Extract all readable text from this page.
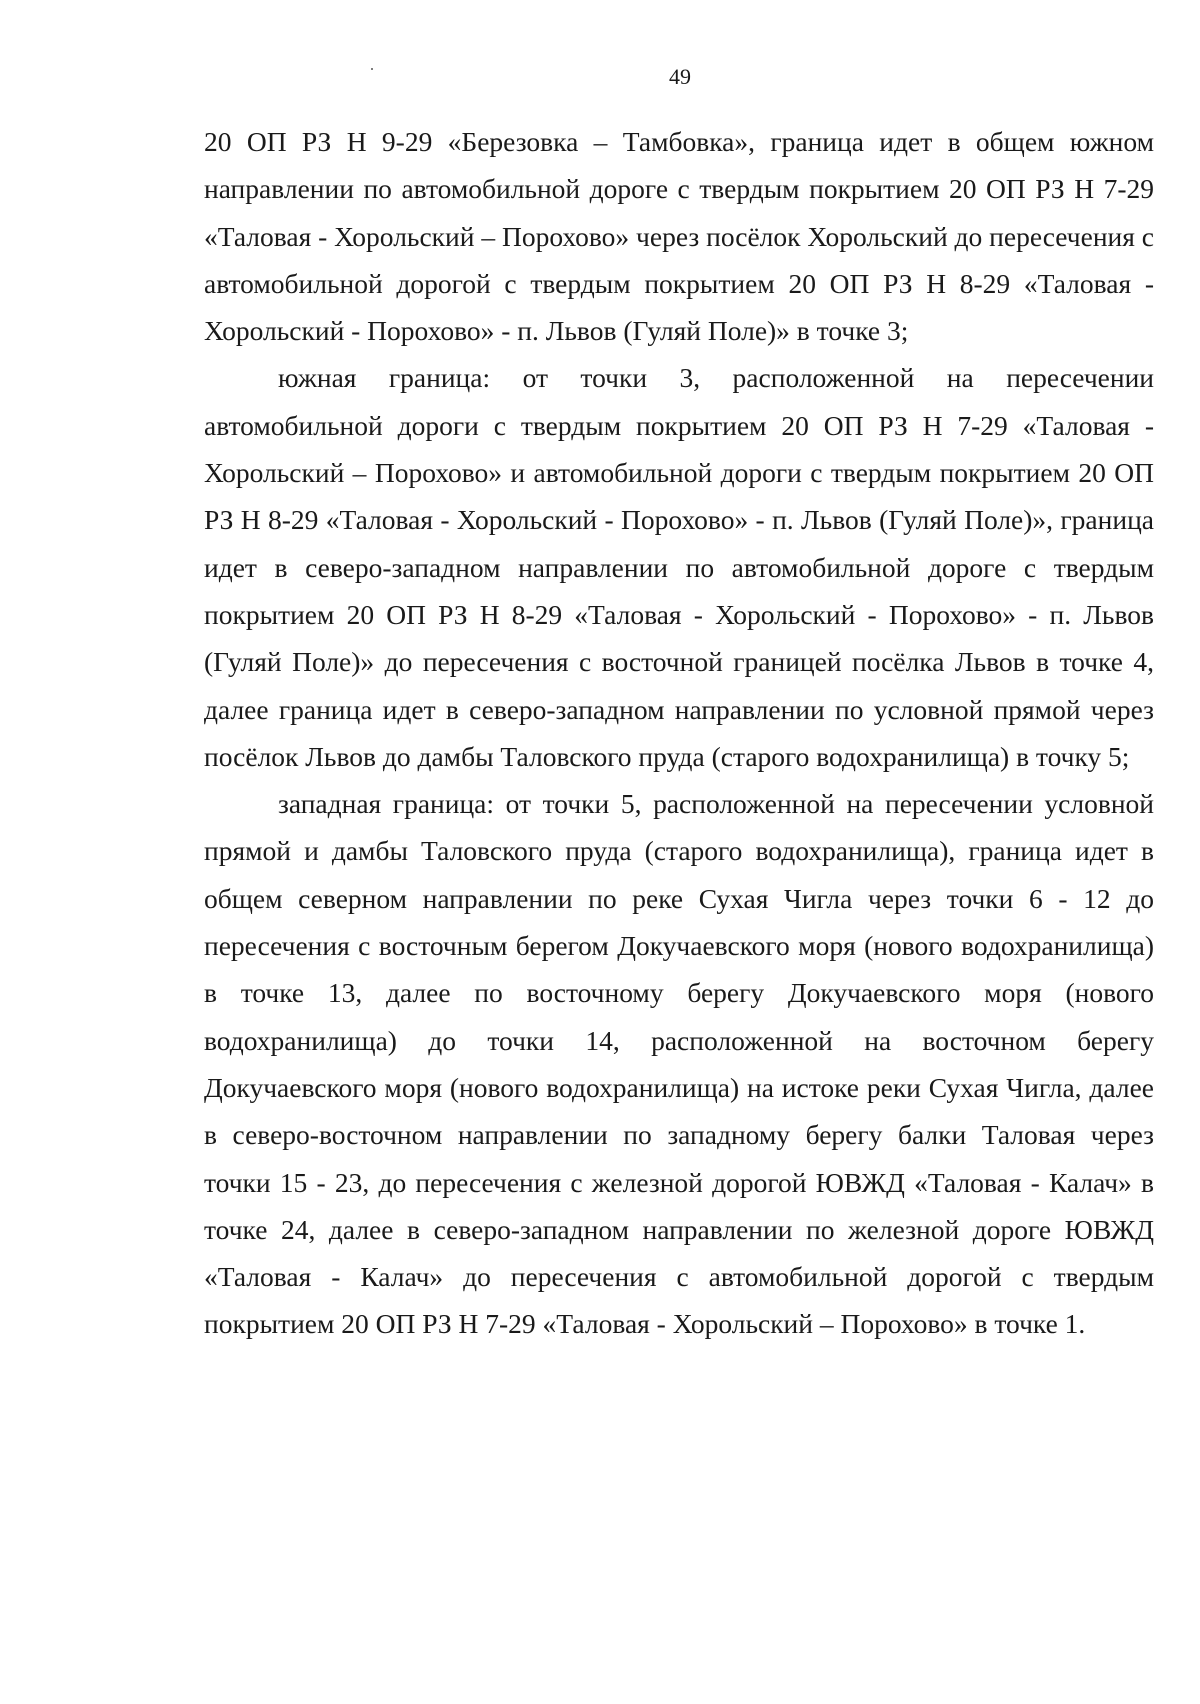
49

20 ОП РЗ Н 9-29 «Березовка – Тамбовка», граница идет в общем южном направлении по автомобильной дороге с твердым покрытием 20 ОП РЗ Н 7-29 «Таловая - Хорольский – Порохово» через посёлок Хорольский до пересечения с автомобильной дорогой с твердым покрытием 20 ОП РЗ Н 8-29 «Таловая - Хорольский - Порохово» - п. Львов (Гуляй Поле)» в точке 3;

южная граница: от точки 3, расположенной на пересечении автомобильной дороги с твердым покрытием 20 ОП РЗ Н 7-29 «Таловая - Хорольский – Порохово» и автомобильной дороги с твердым покрытием 20 ОП РЗ Н 8-29 «Таловая - Хорольский - Порохово» - п. Львов (Гуляй Поле)», граница идет в северо-западном направлении по автомобильной дороге с твердым покрытием 20 ОП РЗ Н 8-29 «Таловая - Хорольский - Порохово» - п. Львов (Гуляй Поле)» до пересечения с восточной границей посёлка Львов в точке 4, далее граница идет в северо-западном направлении по условной прямой через посёлок Львов до дамбы Таловского пруда (старого водохранилища) в точку 5;

западная граница: от точки 5, расположенной на пересечении условной прямой и дамбы Таловского пруда (старого водохранилища), граница идет в общем северном направлении по реке Сухая Чигла через точки 6 - 12 до пересечения с восточным берегом Докучаевского моря (нового водохранилища) в точке 13, далее по восточному берегу Докучаевского моря (нового водохранилища) до точки 14, расположенной на восточном берегу Докучаевского моря (нового водохранилища) на истоке реки Сухая Чигла, далее в северо-восточном направлении по западному берегу балки Таловая через точки 15 - 23, до пересечения с железной дорогой ЮВЖД «Таловая - Калач» в точке 24, далее в северо-западном направлении по железной дороге ЮВЖД «Таловая - Калач» до пересечения с автомобильной дорогой с твердым покрытием 20 ОП РЗ Н 7-29 «Таловая - Хорольский – Порохово» в точке 1.
